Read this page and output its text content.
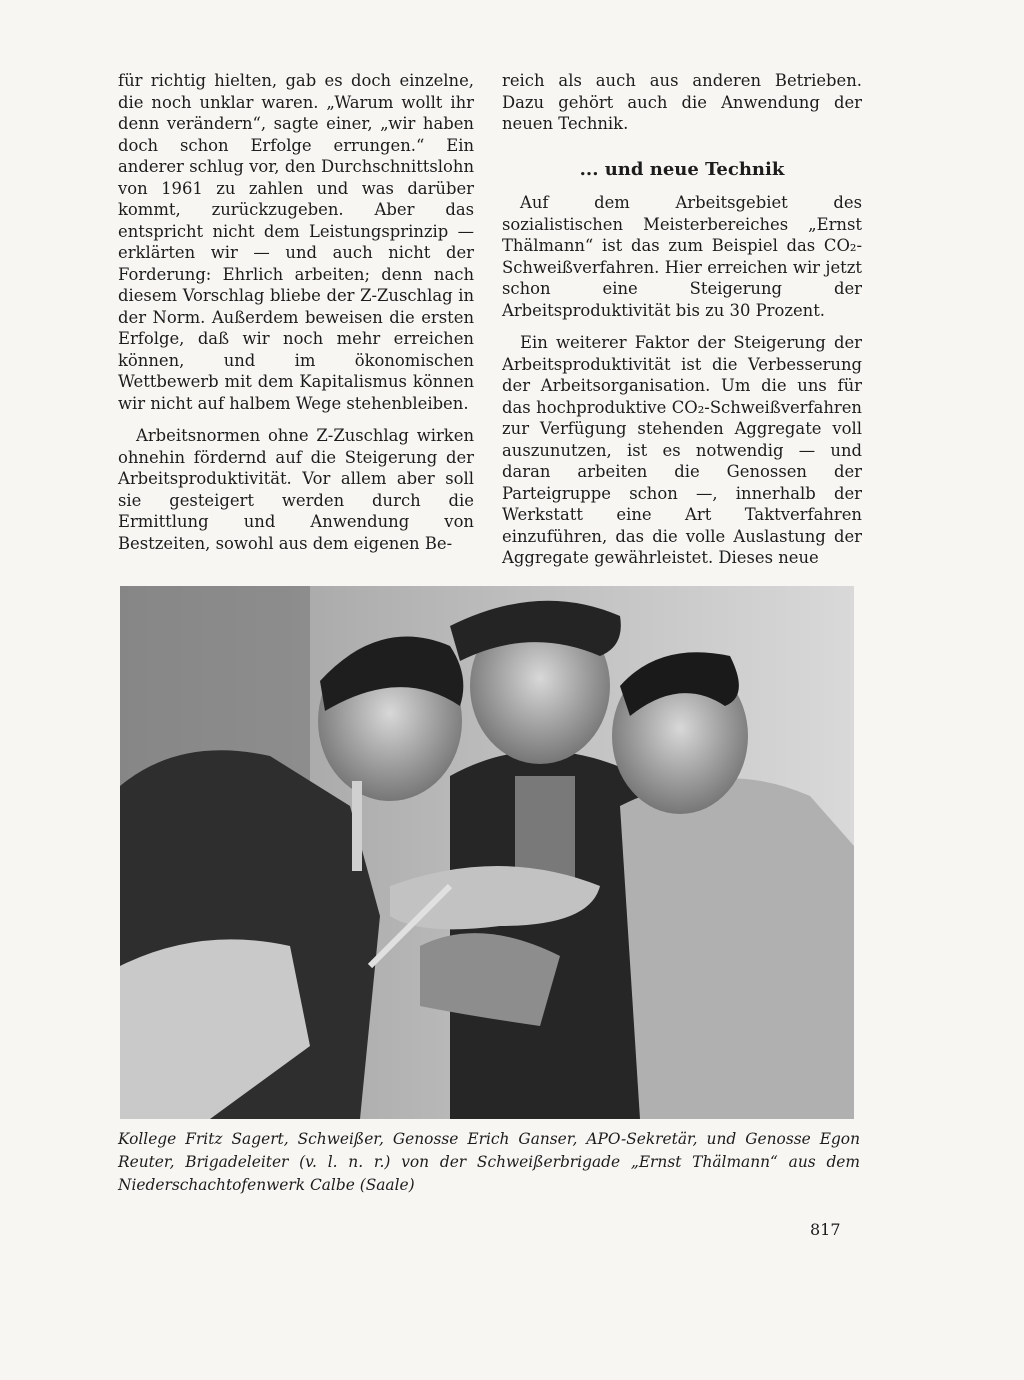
für richtig hielten, gab es doch einzelne, die noch unklar waren. „Warum wollt ihr denn verändern“, sagte einer, „wir haben doch schon Erfolge errungen.“ Ein anderer schlug vor, den Durchschnittslohn von 1961 zu zahlen und was darüber kommt, zurückzugeben. Aber das entspricht nicht dem Leistungsprinzip — erklärten wir — und auch nicht der Forderung: Ehrlich arbeiten; denn nach diesem Vorschlag bliebe der Z-Zuschlag in der Norm. Außerdem beweisen die ersten Erfolge, daß wir noch mehr erreichen können, und im ökonomischen Wettbewerb mit dem Kapitalismus können wir nicht auf halbem Wege stehenbleiben.

Arbeitsnormen ohne Z-Zuschlag wirken ohnehin fördernd auf die Steigerung der Arbeitsproduktivität. Vor allem aber soll sie gesteigert werden durch die Ermittlung und Anwendung von Bestzeiten, sowohl aus dem eigenen Be-

reich als auch aus anderen Betrieben. Dazu gehört auch die Anwendung der neuen Technik.

... und neue Technik

Auf dem Arbeitsgebiet des sozialistischen Meisterbereiches „Ernst Thälmann“ ist das zum Beispiel das CO₂-Schweißverfahren. Hier erreichen wir jetzt schon eine Steigerung der Arbeitsproduktivität bis zu 30 Prozent.

Ein weiterer Faktor der Steigerung der Arbeitsproduktivität ist die Verbesserung der Arbeitsorganisation. Um die uns für das hochproduktive CO₂-Schweißverfahren zur Verfügung stehenden Aggregate voll auszunutzen, ist es notwendig — und daran arbeiten die Genossen der Parteigruppe schon —, innerhalb der Werkstatt eine Art Taktverfahren einzuführen, das die volle Auslastung der Aggregate gewährleistet. Dieses neue

Kollege Fritz Sagert, Schweißer, Genosse Erich Ganser, APO-Sekretär, und Genosse Egon Reuter, Brigadeleiter (v. l. n. r.) von der Schweißerbrigade „Ernst Thälmann“ aus dem Niederschachtofenwerk Calbe (Saale)
817
